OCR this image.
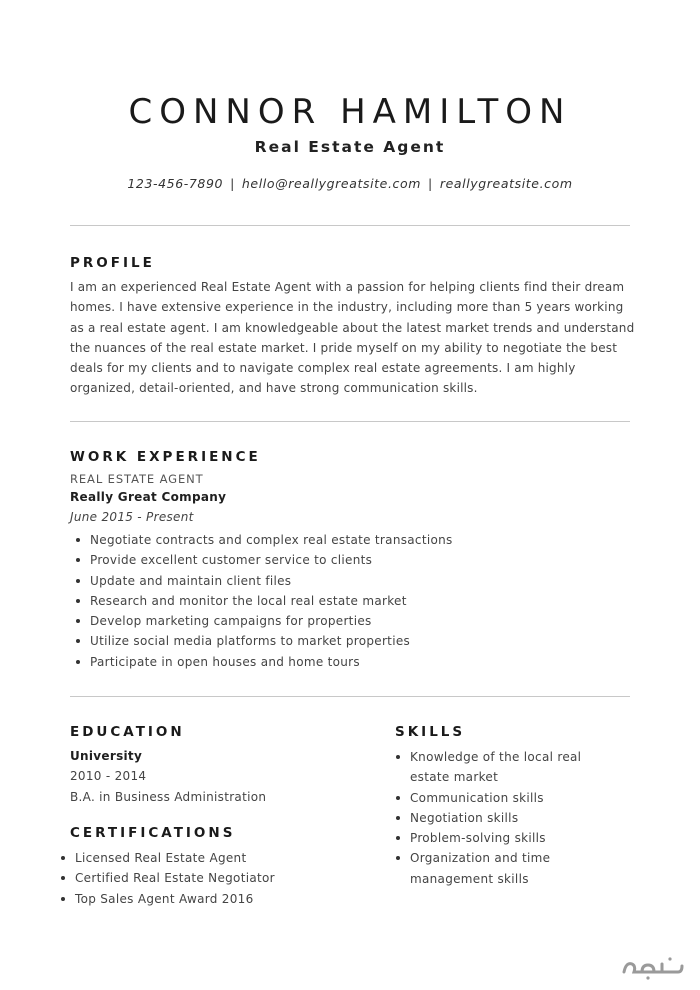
CONNOR HAMILTON
Real Estate Agent
123-456-7890 | hello@reallygreatsite.com | reallygreatsite.com
PROFILE
I am an experienced Real Estate Agent with a passion for helping clients find their dream homes. I have extensive experience in the industry, including more than 5 years working as a real estate agent. I am knowledgeable about the latest market trends and understand the nuances of the real estate market. I pride myself on my ability to negotiate the best deals for my clients and to navigate complex real estate agreements. I am highly organized, detail-oriented, and have strong communication skills.
WORK EXPERIENCE
REAL ESTATE AGENT
Really Great Company
June 2015 - Present
Negotiate contracts and complex real estate transactions
Provide excellent customer service to clients
Update and maintain client files
Research and monitor the local real estate market
Develop marketing campaigns for properties
Utilize social media platforms to market properties
Participate in open houses and home tours
EDUCATION
University
2010 - 2014
B.A. in Business Administration
CERTIFICATIONS
Licensed Real Estate Agent
Certified Real Estate Negotiator
Top Sales Agent Award 2016
SKILLS
Knowledge of the local real estate market
Communication skills
Negotiation skills
Problem-solving skills
Organization and time management skills
